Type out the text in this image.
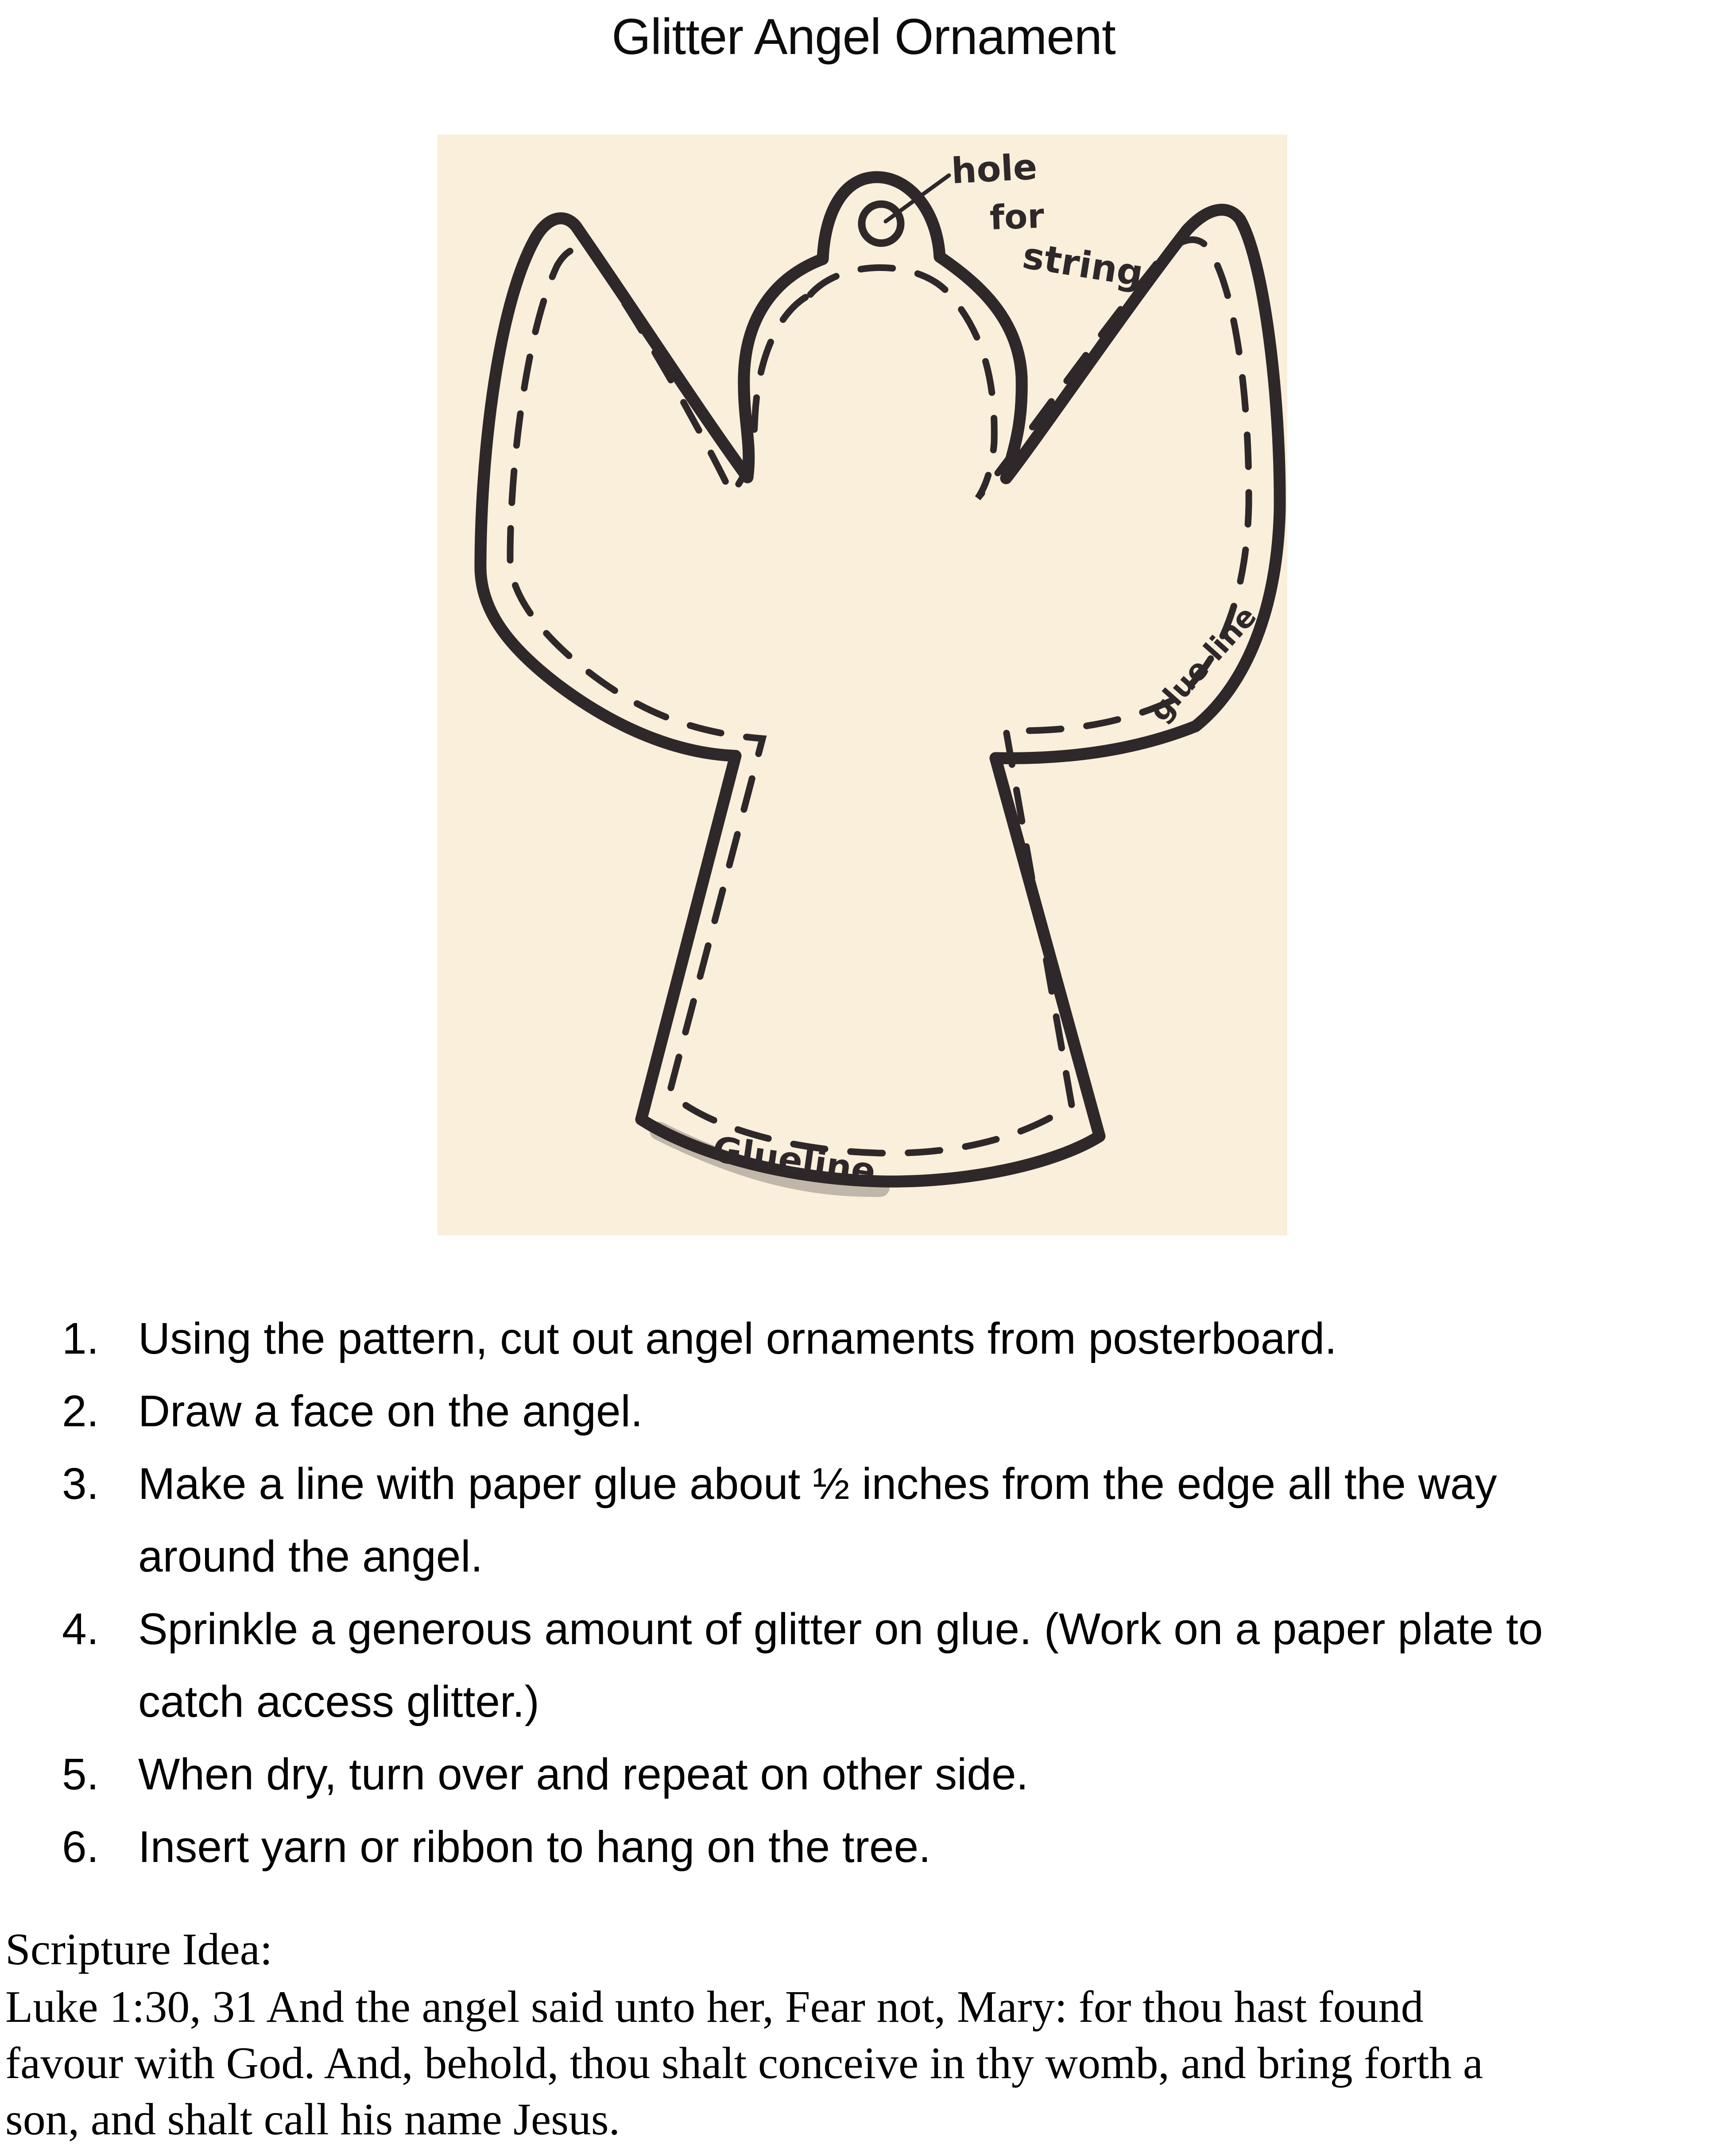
Glitter Angel Ornament
hole
for
string
glue line
Glueline
1. Using the pattern, cut out angel ornaments from posterboard.
2. Draw a face on the angel.
3. Make a line with paper glue about ½ inches from the edge all the way
around the angel.
4. Sprinkle a generous amount of glitter on glue. (Work on a paper plate to
catch access glitter.)
5. When dry, turn over and repeat on other side.
6. Insert yarn or ribbon to hang on the tree.
Scripture Idea:
Luke 1:30, 31 And the angel said unto her, Fear not, Mary: for thou hast found
favour with God. And, behold, thou shalt conceive in thy womb, and bring forth a
son, and shalt call his name Jesus.
